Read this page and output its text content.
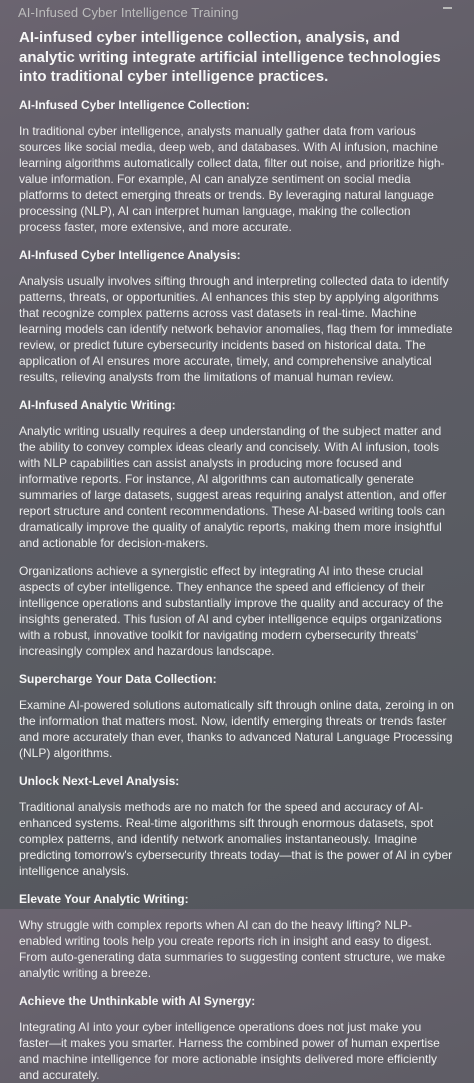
AI-Infused Cyber Intelligence Training
AI-infused cyber intelligence collection, analysis, and analytic writing integrate artificial intelligence technologies into traditional cyber intelligence practices.
AI-Infused Cyber Intelligence Collection:

In traditional cyber intelligence, analysts manually gather data from various sources like social media, deep web, and databases. With AI infusion, machine learning algorithms automatically collect data, filter out noise, and prioritize high-value information. For example, AI can analyze sentiment on social media platforms to detect emerging threats or trends. By leveraging natural language processing (NLP), AI can interpret human language, making the collection process faster, more extensive, and more accurate.

AI-Infused Cyber Intelligence Analysis:

Analysis usually involves sifting through and interpreting collected data to identify patterns, threats, or opportunities. AI enhances this step by applying algorithms that recognize complex patterns across vast datasets in real-time. Machine learning models can identify network behavior anomalies, flag them for immediate review, or predict future cybersecurity incidents based on historical data. The application of AI ensures more accurate, timely, and comprehensive analytical results, relieving analysts from the limitations of manual human review.

AI-Infused Analytic Writing:

Analytic writing usually requires a deep understanding of the subject matter and the ability to convey complex ideas clearly and concisely. With AI infusion, tools with NLP capabilities can assist analysts in producing more focused and informative reports. For instance, AI algorithms can automatically generate summaries of large datasets, suggest areas requiring analyst attention, and offer report structure and content recommendations. These AI-based writing tools can dramatically improve the quality of analytic reports, making them more insightful and actionable for decision-makers.

Organizations achieve a synergistic effect by integrating AI into these crucial aspects of cyber intelligence. They enhance the speed and efficiency of their intelligence operations and substantially improve the quality and accuracy of the insights generated. This fusion of AI and cyber intelligence equips organizations with a robust, innovative toolkit for navigating modern cybersecurity threats' increasingly complex and hazardous landscape.

Supercharge Your Data Collection:

Examine AI-powered solutions automatically sift through online data, zeroing in on the information that matters most. Now, identify emerging threats or trends faster and more accurately than ever, thanks to advanced Natural Language Processing (NLP) algorithms.

Unlock Next-Level Analysis:

Traditional analysis methods are no match for the speed and accuracy of AI-enhanced systems. Real-time algorithms sift through enormous datasets, spot complex patterns, and identify network anomalies instantaneously. Imagine predicting tomorrow's cybersecurity threats today—that is the power of AI in cyber intelligence analysis.

Elevate Your Analytic Writing:

Why struggle with complex reports when AI can do the heavy lifting? NLP-enabled writing tools help you create reports rich in insight and easy to digest. From auto-generating data summaries to suggesting content structure, we make analytic writing a breeze.

Achieve the Unthinkable with AI Synergy:

Integrating AI into your cyber intelligence operations does not just make you faster—it makes you smarter. Harness the combined power of human expertise and machine intelligence for more actionable insights delivered more efficiently and accurately.
